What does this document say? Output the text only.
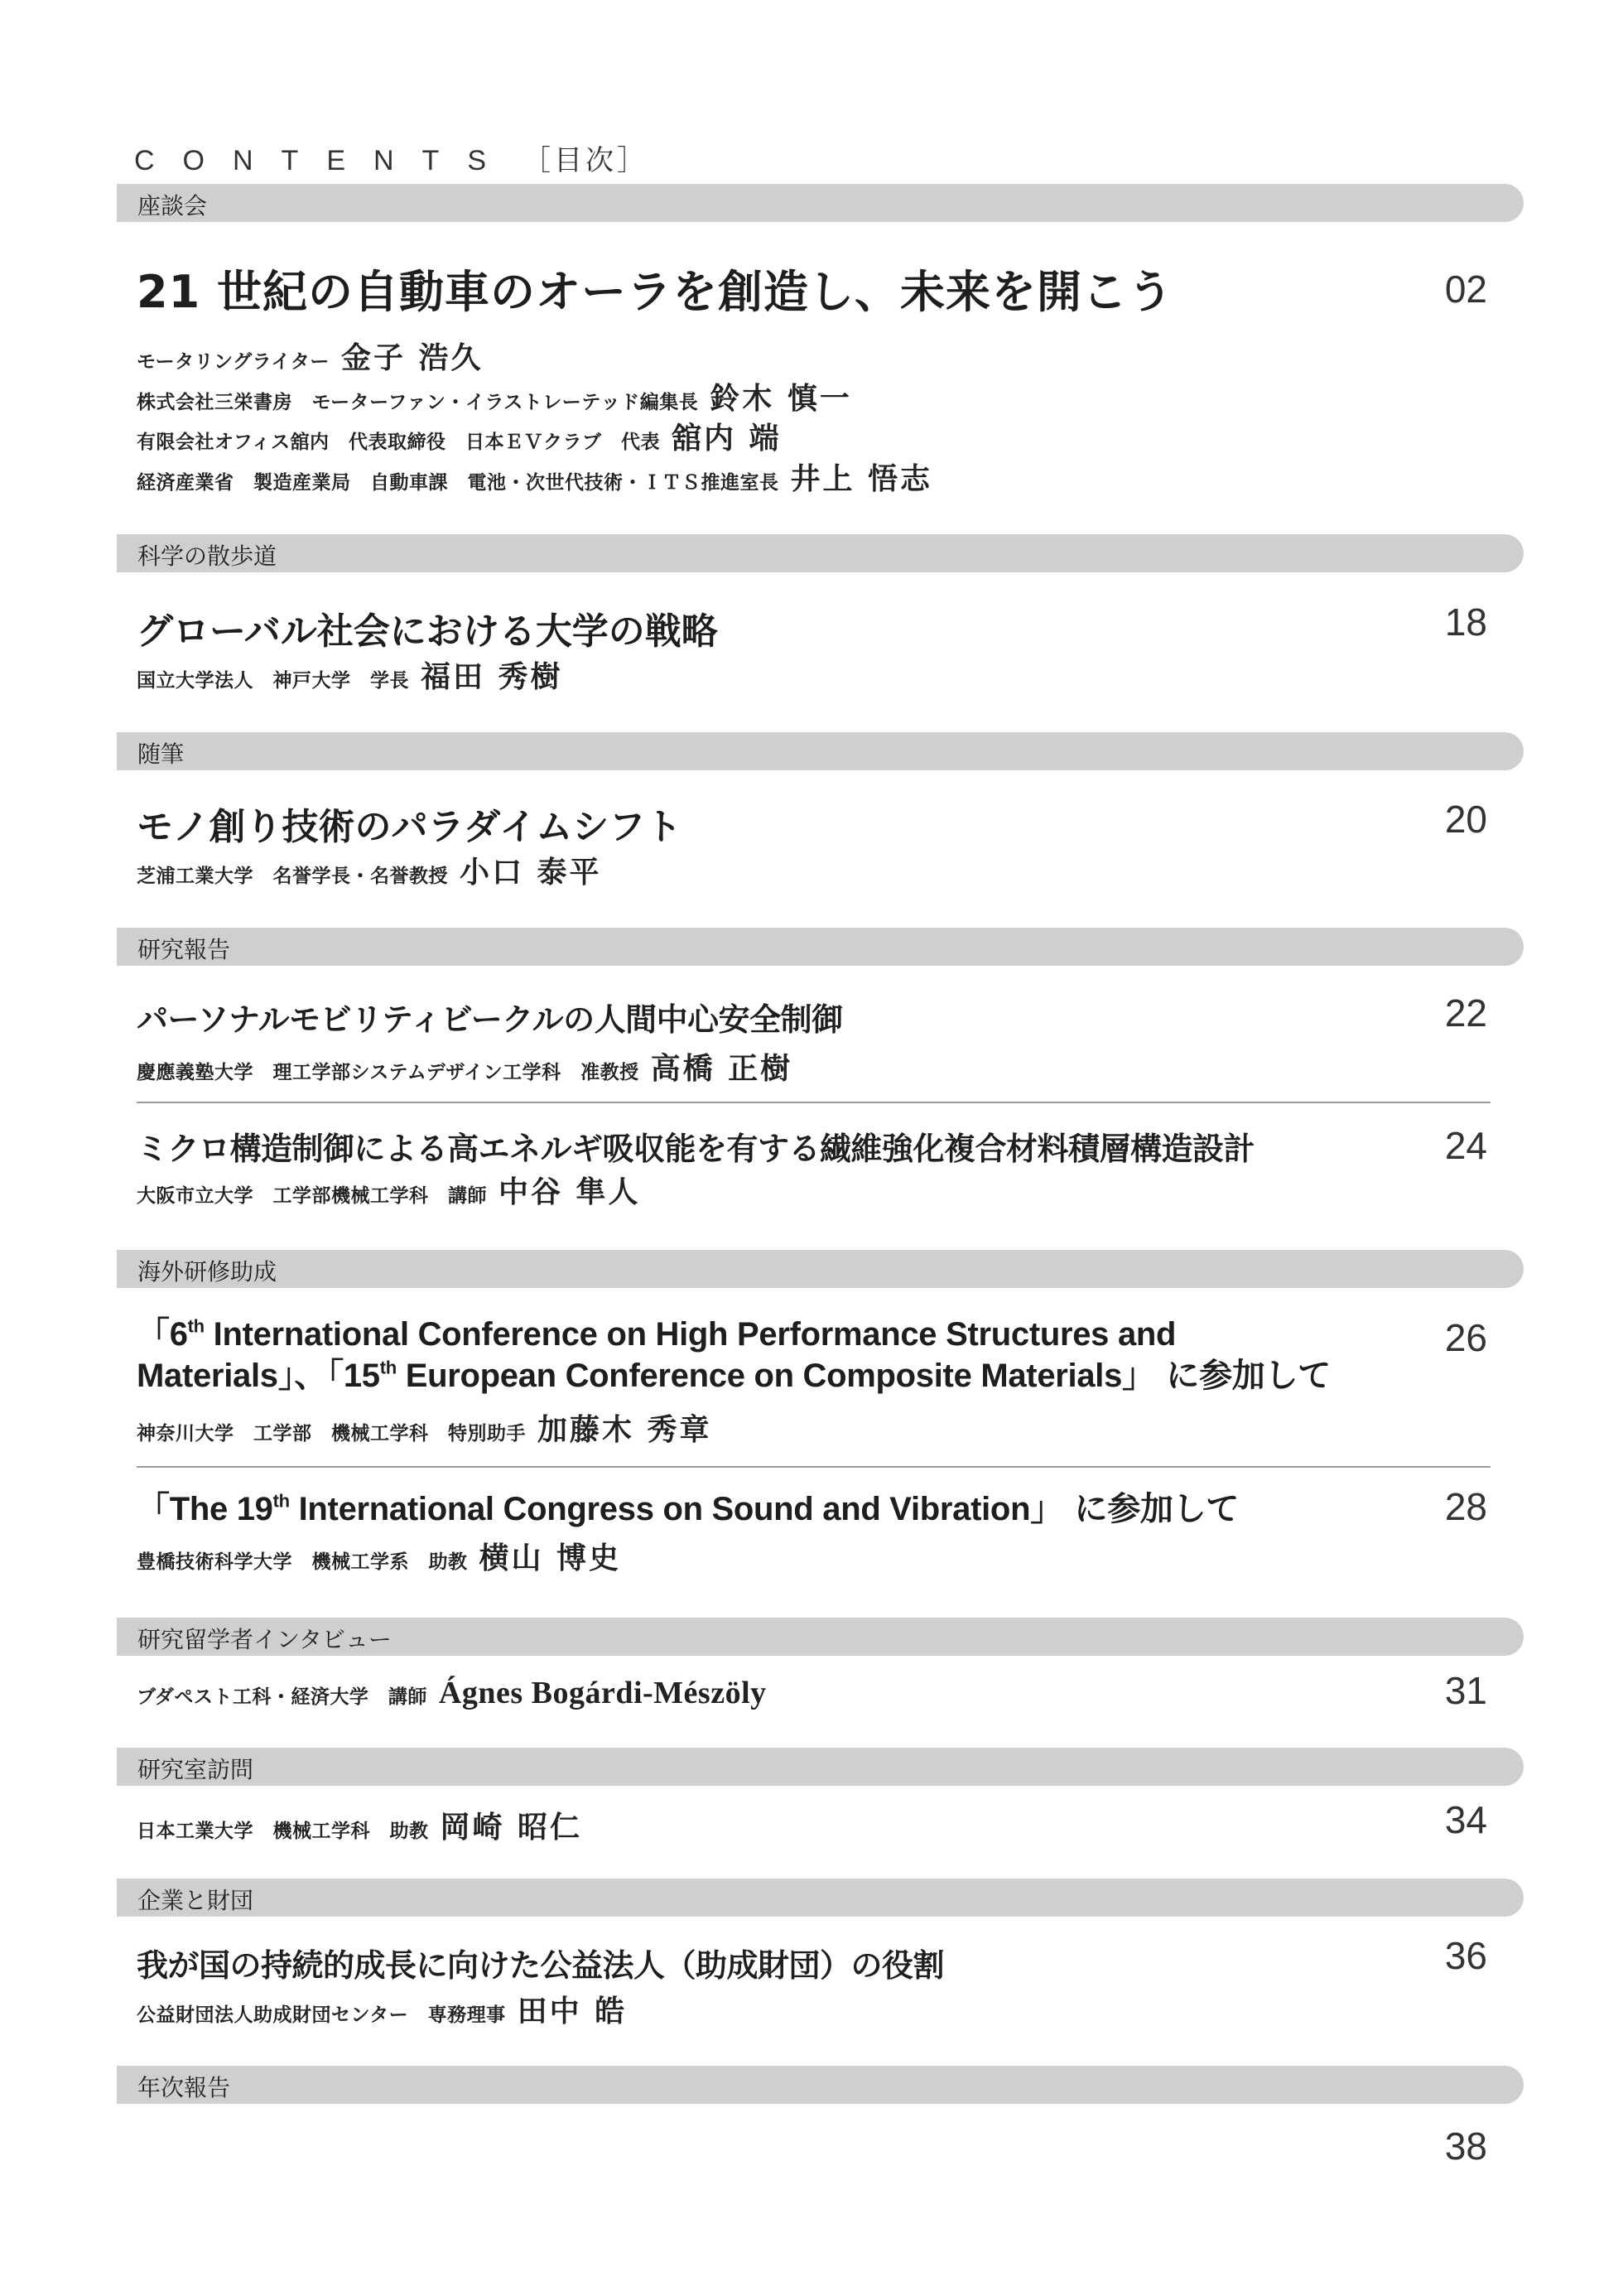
CONTENTS ［目次］
座談会
21 世紀の自動車のオーラを創造し、未来を開こう	02
モータリングライター 金子 浩久
株式会社三栄書房　モーターファン・イラストレーテッド編集長 鈴木 慎一
有限会社オフィス舘内　代表取締役　日本ＥＶクラブ　代表 舘内 端
経済産業省　製造産業局　自動車課　電池・次世代技術・ＩＴＳ推進室長 井上 悟志
科学の散歩道
グローバル社会における大学の戦略	18
国立大学法人　神戸大学　学長 福田 秀樹
随筆
モノ創り技術のパラダイムシフト	20
芝浦工業大学　名誉学長・名誉教授 小口 泰平
研究報告
パーソナルモビリティビークルの人間中心安全制御	22
慶應義塾大学　理工学部システムデザイン工学科　准教授 高橋 正樹
ミクロ構造制御による高エネルギ吸収能を有する繊維強化複合材料積層構造設計	24
大阪市立大学　工学部機械工学科　講師 中谷 隼人
海外研修助成
「6th International Conference on High Performance Structures and
Materials」、「15th European Conference on Composite Materials」 に参加して
26
神奈川大学　工学部　機械工学科　特別助手 加藤木 秀章
「The 19th International Congress on Sound and Vibration」 に参加して	28
豊橋技術科学大学　機械工学系　助教 横山 博史
研究留学者インタビュー
ブダペスト工科・経済大学　講師 Ágnes Bogárdi-Mészöly	31
研究室訪問
日本工業大学　機械工学科　助教 岡崎 昭仁	34
企業と財団
我が国の持続的成長に向けた公益法人（助成財団）の役割	36
公益財団法人助成財団センター　専務理事 田中 皓
年次報告
38
